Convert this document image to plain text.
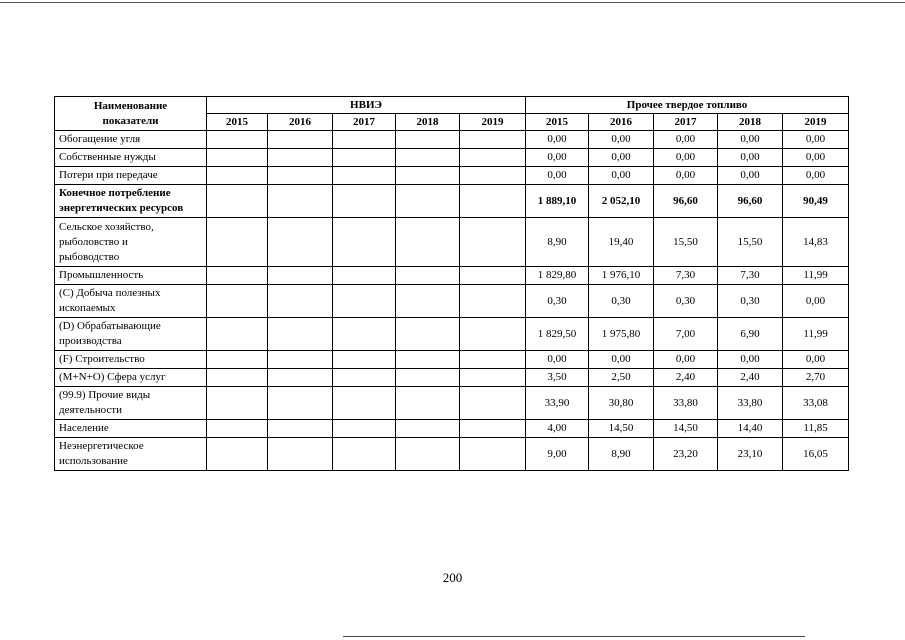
Наименование
показатели	НВИЭ					Прочее твердое топливо				
	2015	2016	2017	2018	2019	2015	2016	2017	2018	2019
Обогащение угля						0,00	0,00	0,00	0,00	0,00
Собственные нужды						0,00	0,00	0,00	0,00	0,00
Потери при передаче						0,00	0,00	0,00	0,00	0,00
Конечное потребление
энергетических ресурсов						1 889,10	2 052,10	96,60	96,60	90,49
Сельское хозяйство,
рыболовство и
рыбоводство						8,90	19,40	15,50	15,50	14,83
Промышленность						1 829,80	1 976,10	7,30	7,30	11,99
(С) Добыча полезных
ископаемых						0,30	0,30	0,30	0,30	0,00
(D) Обрабатывающие
производства						1 829,50	1 975,80	7,00	6,90	11,99
(F) Строительство						0,00	0,00	0,00	0,00	0,00
(M+N+O) Сфера услуг						3,50	2,50	2,40	2,40	2,70
(99.9) Прочие виды
деятельности						33,90	30,80	33,80	33,80	33,08
Население						4,00	14,50	14,50	14,40	11,85
Неэнергетическое
использование						9,00	8,90	23,20	23,10	16,05
200
